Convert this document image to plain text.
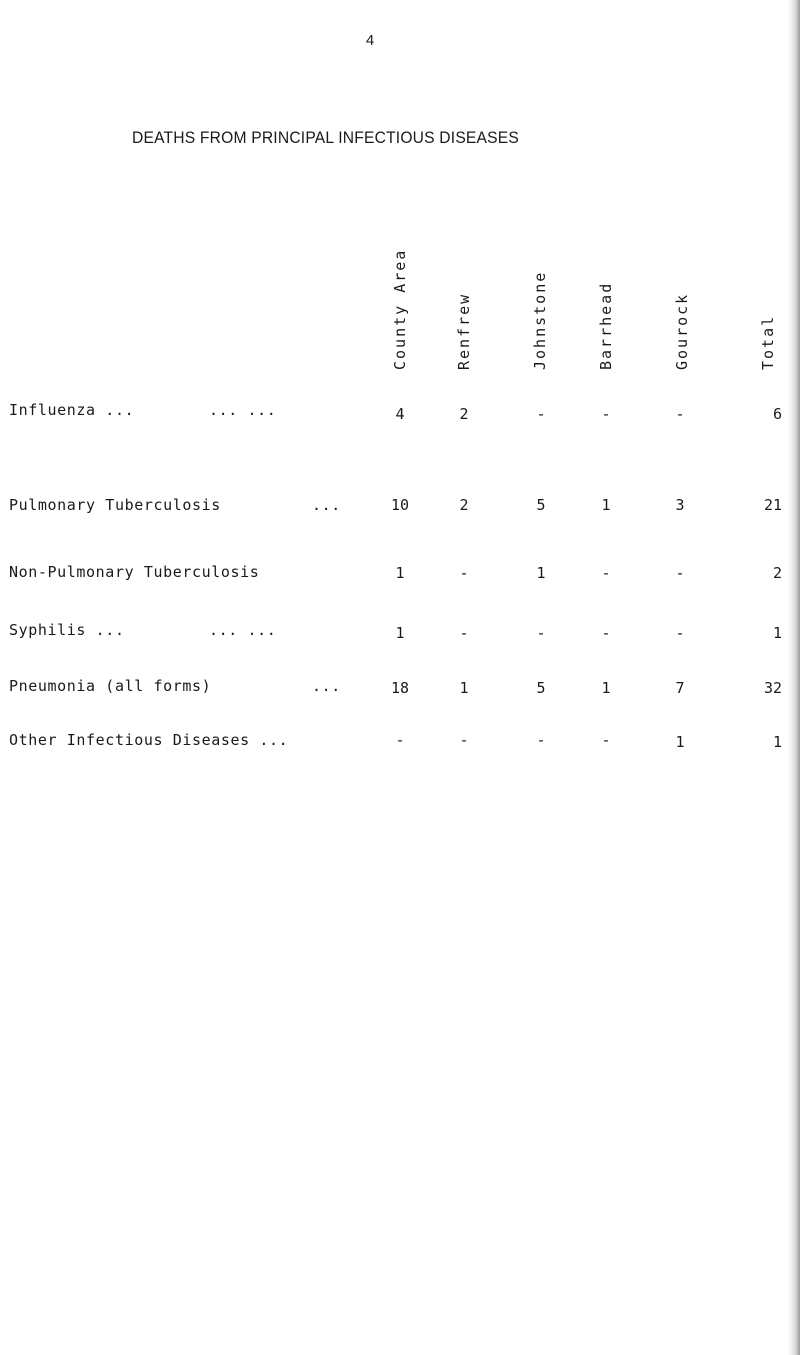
4
DEATHS FROM PRINCIPAL INFECTIOUS DISEASES
County Area	Renfrew	Johnstone	Barrhead	Gourock	Total
Influenza ...	... ...	4	2	-	-	-	6
Pulmonary Tuberculosis	...	10	2	5	1	3	21
Non-Pulmonary Tuberculosis	1	-	1	-	-	2
Syphilis ...	... ...	1	-	-	-	-	1
Pneumonia (all forms)	...	18	1	5	1	7	32
Other Infectious Diseases ...	-	-	-	-	1	1
